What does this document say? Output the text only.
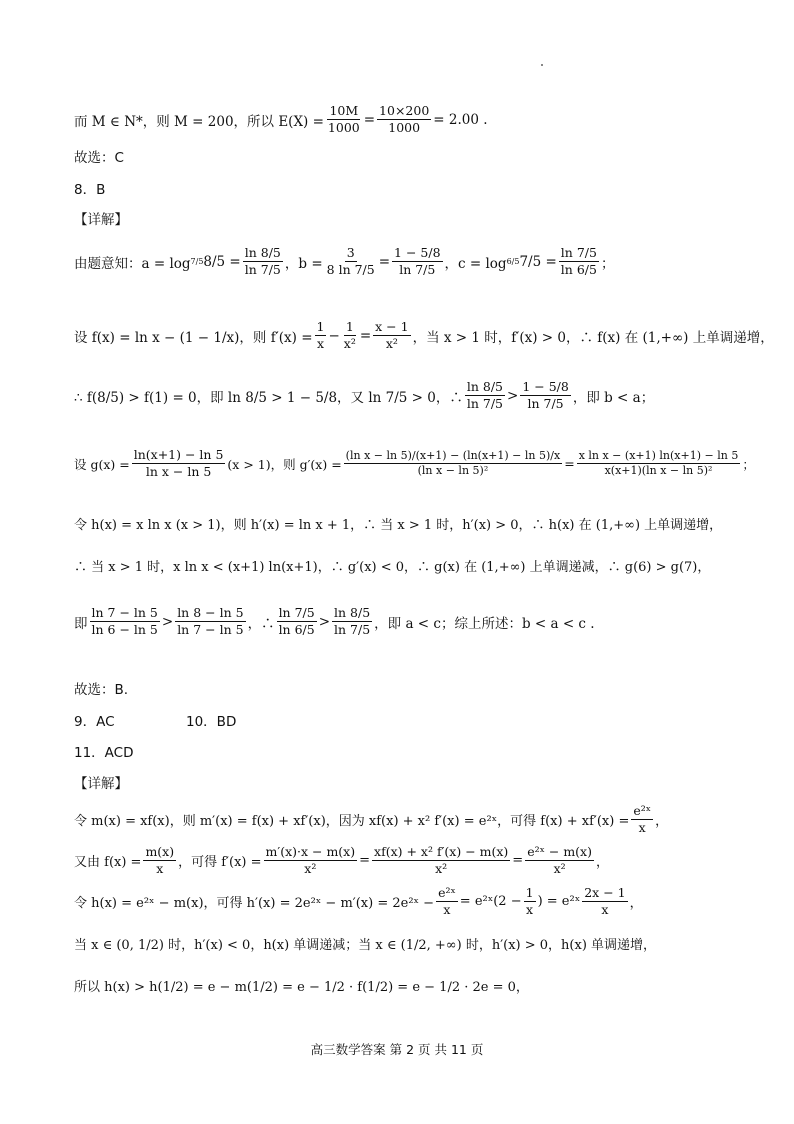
而 M ∈ N*，则 M = 200，所以 $E(X) = \frac{10M}{1000} = \frac{10\times 200}{1000} = 2.00$ .
故选：C
8．B
【详解】
由题意知：a = log 7/5 $8/5 = \frac{\ln 8/5}{\ln 7/5}$ ，$b = \frac{3}{8 \ln 7/5} = \frac{1 - 5/8}{\ln 7/5}$ ，c = log 6/5 $7/5 = \frac{\ln 7/5}{\ln 6/5}$ ；
设 f(x) = ln x − (1 − 1/x)，则 $f'(x) = \frac{1}{x} - \frac{1}{\text{x²}} = \frac{x - 1}{\text{x²}}$ ，当 x > 1 时，f′(x) > 0，∴ f(x) 在 (1,+∞) 上单调递增，
∴ f(8/5) > f(1) = 0，即 ln 8/5 > 1 − 5/8，又 ln 7/5 > 0，∴ $\frac{\ln 8/5}{\ln 7/5} > \frac{1 - 5/8}{\ln 7/5}$ ，即 b < a；
设 $g(x) = \frac{\ln(x+1) - \ln 5}{\text{ln x − ln 5}} (x > 1)$，则 $g'(x) = \frac{\text{(ln x − ln 5)/(x+1) − (ln(x+1) − ln 5)/x}}{\text{(ln x − ln 5)²}} = \frac{\text{x ln x − (x+1) ln(x+1) − ln 5}}{\text{x(x+1)(ln x − ln 5)²}}$ ；
令 h(x) = x ln x (x > 1)，则 h′(x) = ln x + 1，∴ 当 x > 1 时，h′(x) > 0，∴ h(x) 在 (1,+∞) 上单调递增，
∴ 当 x > 1 时，x ln x < (x+1) ln(x+1)，∴ g′(x) < 0，∴ g(x) 在 (1,+∞) 上单调递减，∴ g(6) > g(7)，
即 $\frac{\ln 7 - \ln 5}{\ln 6 - \ln 5} > \frac{\ln 8 - \ln 5}{\ln 7 - \ln 5}$ ，∴ $\frac{\ln 7/5}{\ln 6/5} > \frac{\ln 8/5}{\ln 7/5}$ ，即 a < c；综上所述：b < a < c .
故选：B.
9．AC	10．BD
11．ACD
【详解】
令 m(x) = xf(x)，则 m′(x) = f(x) + xf′(x)，因为 xf(x) + x² f′(x) = e²ˣ，可得 $f(x) + xf'(x) = \frac{\text{e²ˣ}}{x}$ ，
又由 $f(x) = \frac{m(x)}{x}$ ，可得 $f'(x) = \frac{m'(x)\cdot x - m(x)}{\text{x²}} = \frac{\text{xf(x) + x² f′(x) − m(x)}}{\text{x²}} = \frac{\text{e²ˣ − m(x)}}{\text{x²}}$ ，
令 h(x) = e²ˣ − m(x)，可得 h′(x) = 2e²ˣ − m′(x) = 2e²ˣ − $\frac{\text{e²ˣ}}{x}$ = e²ˣ(2 − $\frac{1}{x}$ ) = e²ˣ $\frac{2x - 1}{x}$ ，
当 x ∈ (0, 1/2) 时，h′(x) < 0，h(x) 单调递减；当 x ∈ (1/2, +∞) 时，h′(x) > 0，h(x) 单调递增，
所以 h(x) > h(1/2) = e − m(1/2) = e − 1/2 · f(1/2) = e − 1/2 · 2e = 0，
高三数学答案 第 2 页 共 11 页
